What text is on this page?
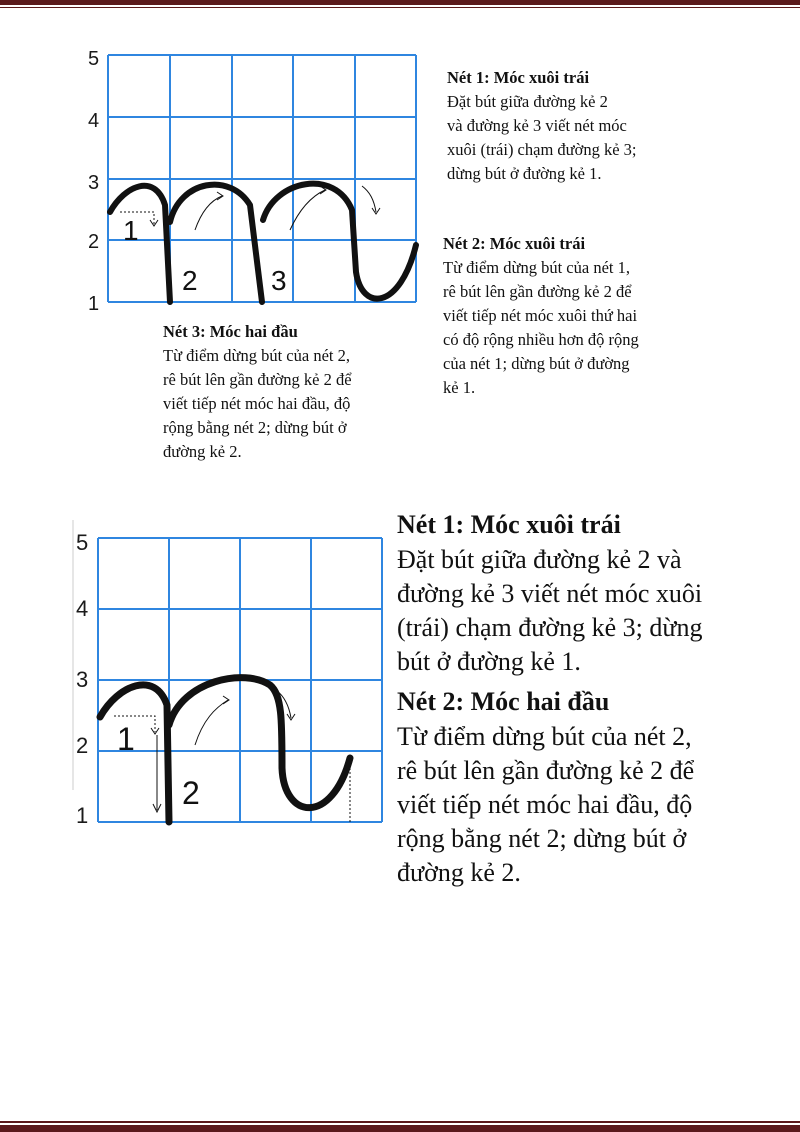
5
4
3
2
1
1
2	3
Nét 1: Móc xuôi trái
Đặt bút giữa đường kẻ 2
và đường kẻ 3 viết nét móc
xuôi (trái) chạm đường kẻ 3;
dừng bút ở đường kẻ 1.
Nét 2: Móc xuôi trái
Từ điểm dừng bút của nét 1,
rê bút lên gần đường kẻ 2 để
viết tiếp nét móc xuôi thứ hai
có độ rộng nhiều hơn độ rộng
của nét 1; dừng bút ở đường
kẻ 1.
Nét 3: Móc hai đầu
Từ điểm dừng bút của nét 2,
rê bút lên gần đường kẻ 2 để
viết tiếp nét móc hai đầu, độ
rộng bằng nét 2; dừng bút ở
đường kẻ 2.
5
4
3
2
1
1
2
Nét 1: Móc xuôi trái
Đặt bút giữa đường kẻ 2 và
đường kẻ 3 viết nét móc xuôi
(trái) chạm đường kẻ 3; dừng
bút ở đường kẻ 1.
Nét 2: Móc hai đầu
Từ điểm dừng bút của nét 2,
rê bút lên gần đường kẻ 2 để
viết tiếp nét móc hai đầu, độ
rộng bằng nét 2; dừng bút ở
đường kẻ 2.
